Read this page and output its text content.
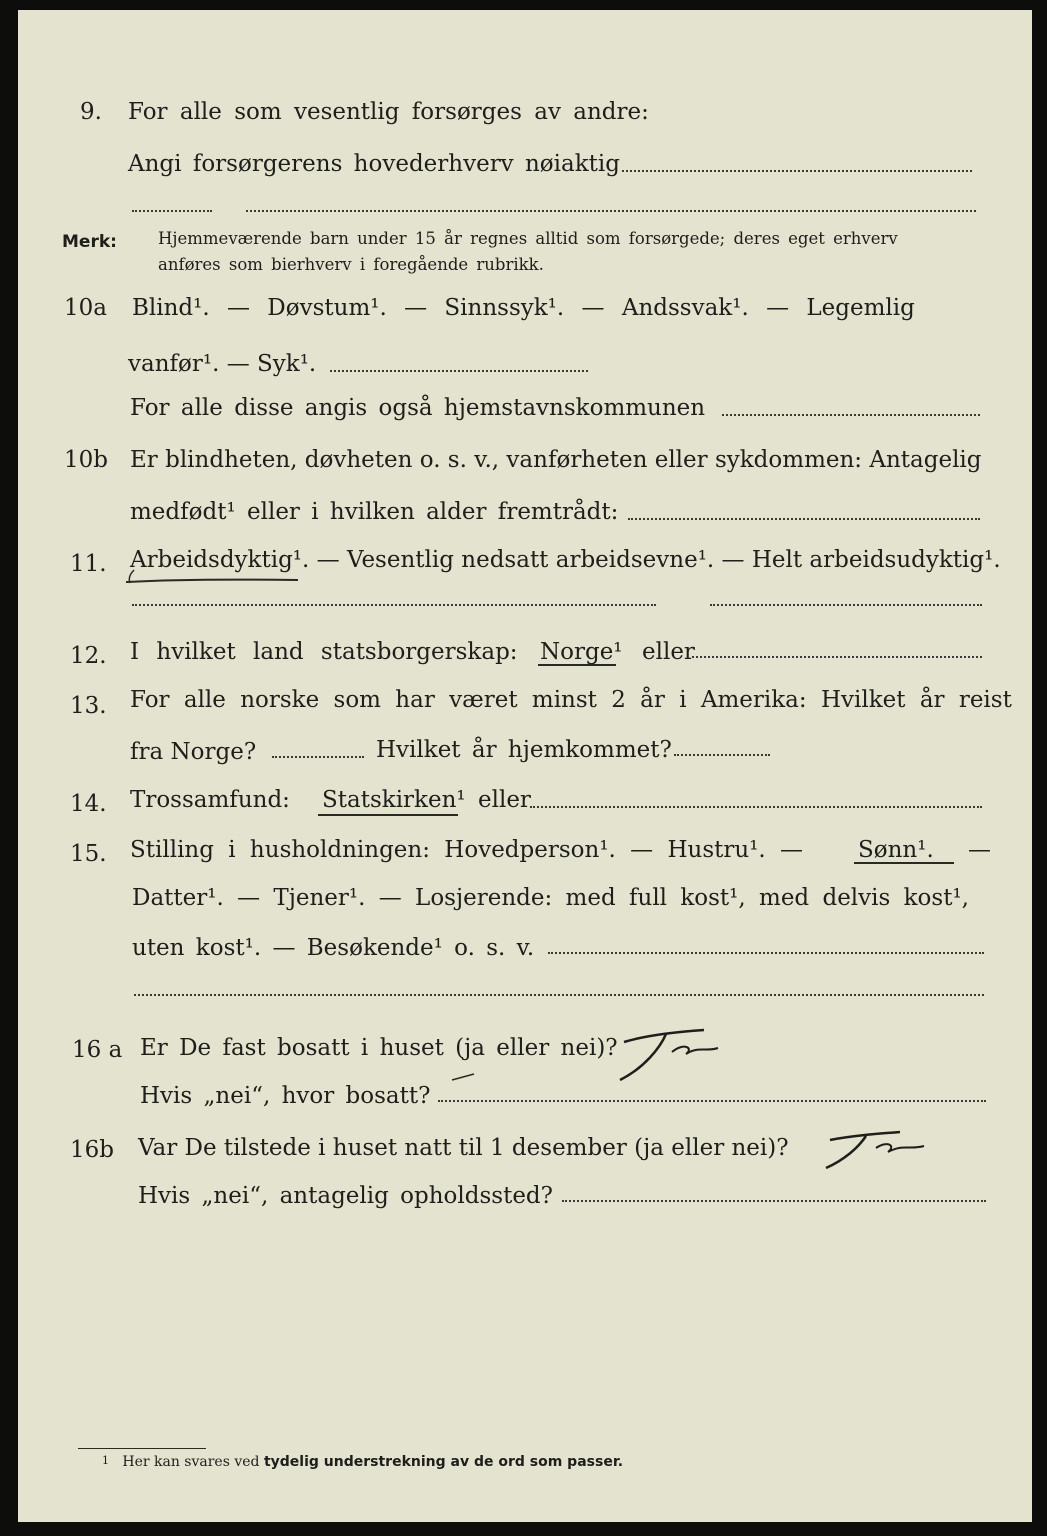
9. For alle som vesentlig forsørges av andre:
Angi forsørgerens hovederhverv nøiaktig
Merk: Hjemmeværende barn under 15 år regnes alltid som forsørgede; deres eget erhverv
anføres som bierhverv i foregående rubrikk.
10a Blind¹. — Døvstum¹. — Sinnssyk¹. — Andssvak¹. — Legemlig
vanfør¹. — Syk¹.
For alle disse angis også hjemstavnskommunen
10b Er blindheten, døvheten o. s. v., vanførheten eller sykdommen: Antagelig
medfødt¹ eller i hvilken alder fremtrådt:
11. Arbeidsdyktig¹. — Vesentlig nedsatt arbeidsevne¹. — Helt arbeidsudyktig¹.
12. I hvilket land statsborgerskap: Norge¹ eller
13. For alle norske som har været minst 2 år i Amerika: Hvilket år reist
fra Norge?	Hvilket år hjemkommet?
14. Trossamfund: Statskirken¹ eller
15. Stilling i husholdningen: Hovedperson¹. — Hustru¹. — Sønn¹. —
Datter¹. — Tjener¹. — Losjerende: med full kost¹, med delvis kost¹,
uten kost¹. — Besøkende¹ o. s. v.
16 a Er De fast bosatt i huset (ja eller nei)?
Hvis „nei“, hvor bosatt?
16b Var De tilstede i huset natt til 1 desember (ja eller nei)?
Hvis „nei“, antagelig opholdssted?
$^1$ Her kan svares ved tydelig understrekning av de ord som passer.
